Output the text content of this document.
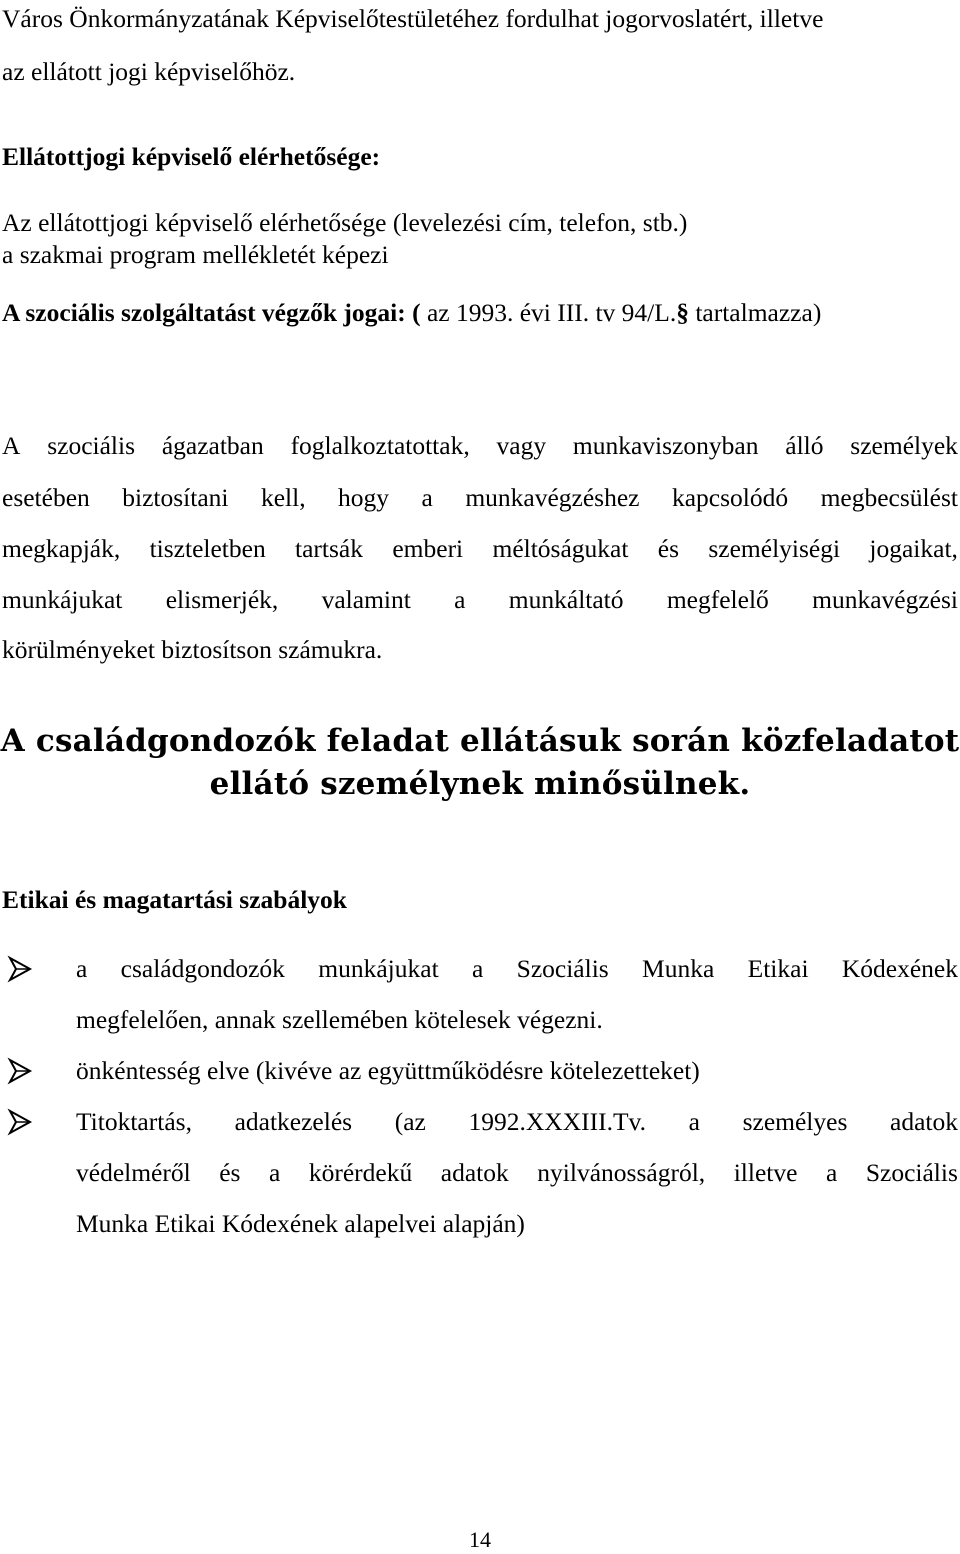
Város Önkormányzatának Képviselőtestületéhez fordulhat jogorvoslatért, illetve
az ellátott jogi képviselőhöz.
Ellátottjogi képviselő elérhetősége:
Az ellátottjogi képviselő elérhetősége (levelezési cím, telefon, stb.)
a szakmai program mellékletét képezi
A szociális szolgáltatást végzők jogai: ( az 1993. évi III. tv 94/L.§ tartalmazza)
A szociális ágazatban foglalkoztatottak, vagy munkaviszonyban álló személyek
esetében biztosítani kell, hogy a munkavégzéshez kapcsolódó megbecsülést
megkapják, tiszteletben tartsák emberi méltóságukat és személyiségi jogaikat,
munkájukat elismerjék, valamint a munkáltató megfelelő munkavégzési
körülményeket biztosítson számukra.
A családgondozók feladat ellátásuk során közfeladatot
ellátó személynek minősülnek.
Etikai és magatartási szabályok
a családgondozók munkájukat a Szociális Munka Etikai Kódexének
megfelelően, annak szellemében kötelesek végezni.
önkéntesség elve (kivéve az együttműködésre kötelezetteket)
Titoktartás, adatkezelés (az 1992.XXXIII.Tv. a személyes adatok
védelméről és a körérdekű adatok nyilvánosságról, illetve a Szociális
Munka Etikai Kódexének alapelvei alapján)
14
